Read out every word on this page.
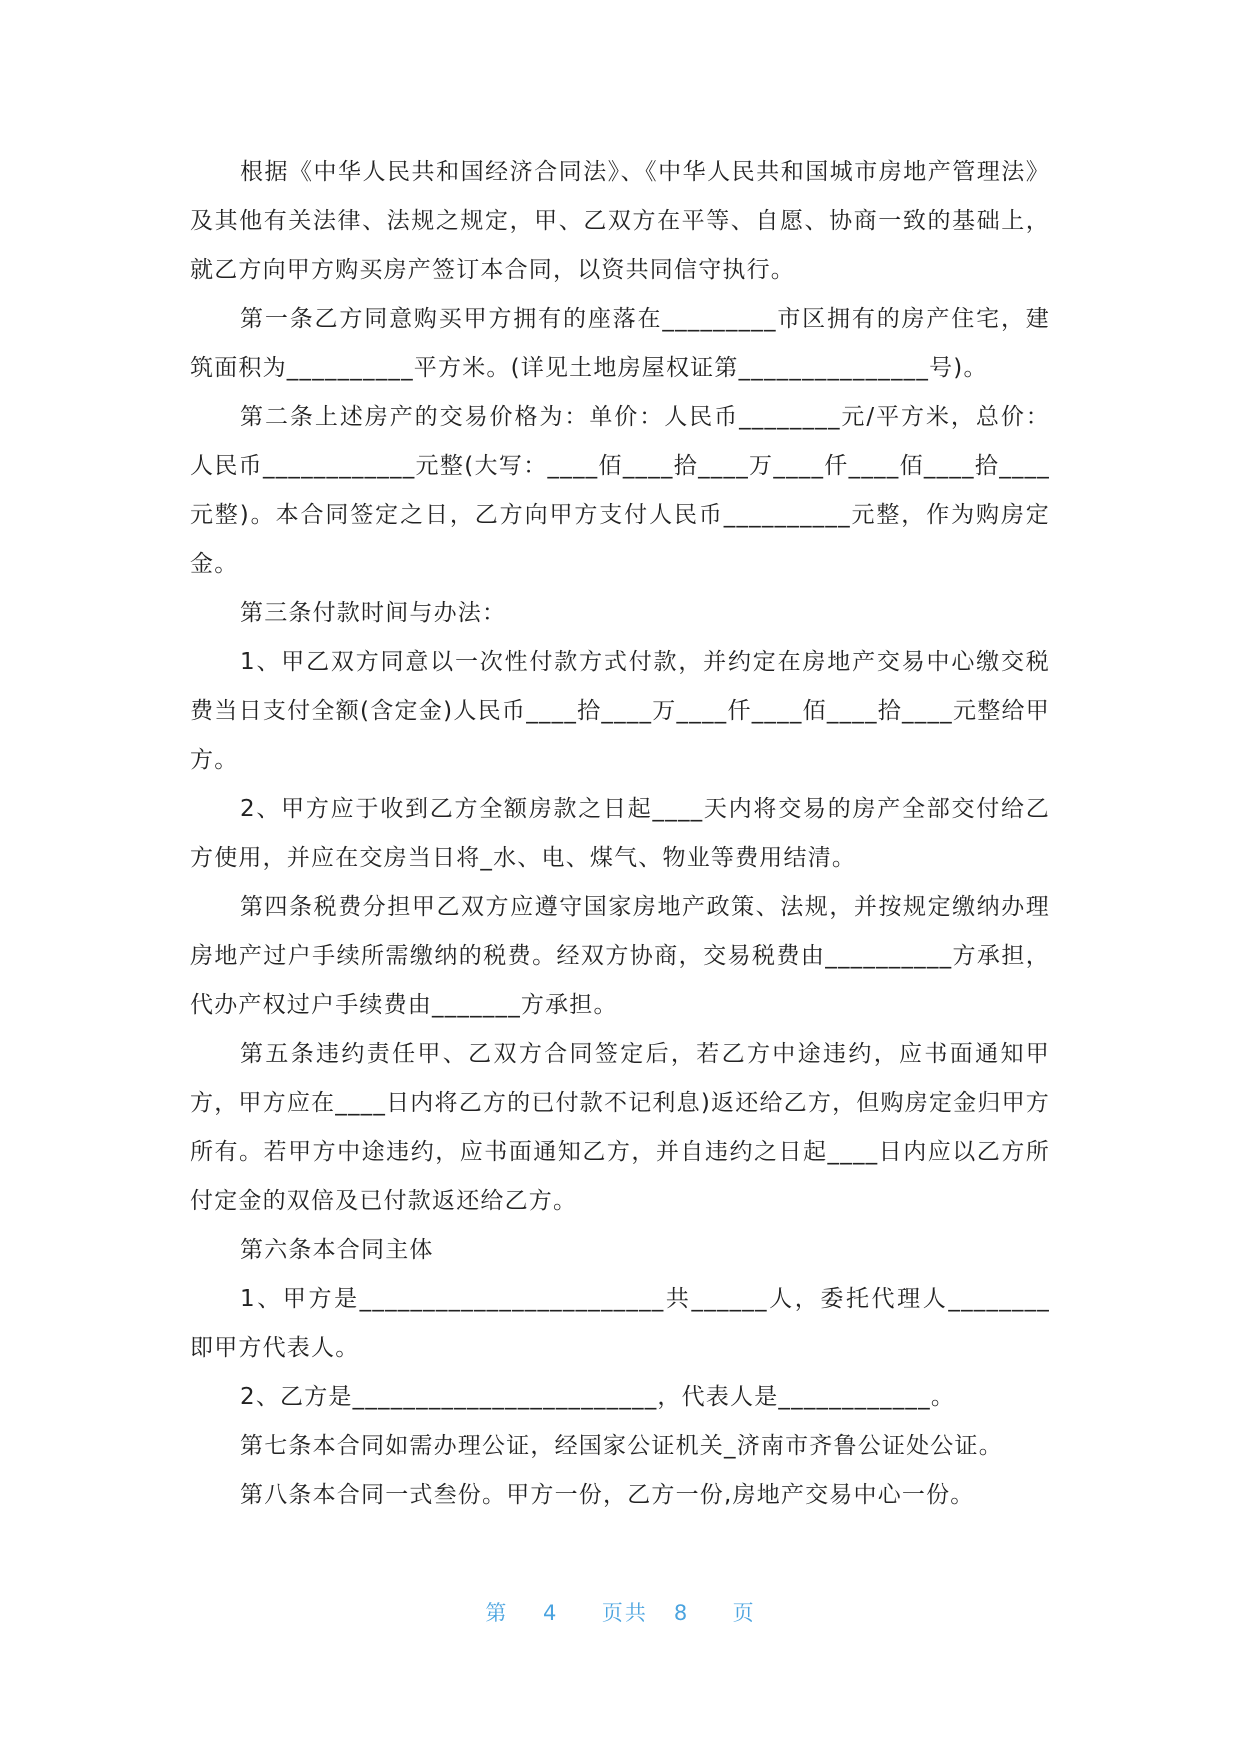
根据《中华人民共和国经济合同法》、《中华人民共和国城市房地产管理法》及其他有关法律、法规之规定，甲、乙双方在平等、自愿、协商一致的基础上，就乙方向甲方购买房产签订本合同，以资共同信守执行。

第一条乙方同意购买甲方拥有的座落在_________市区拥有的房产住宅，建筑面积为__________平方米。(详见土地房屋权证第_______________号)。

第二条上述房产的交易价格为：单价：人民币________元/平方米，总价：人民币____________元整(大写：____佰____拾____万____仟____佰____拾____元整)。本合同签定之日，乙方向甲方支付人民币__________元整，作为购房定金。

第三条付款时间与办法：

1、甲乙双方同意以一次性付款方式付款，并约定在房地产交易中心缴交税费当日支付全额(含定金)人民币____拾____万____仟____佰____拾____元整给甲方。

2、甲方应于收到乙方全额房款之日起____天内将交易的房产全部交付给乙方使用，并应在交房当日将_水、电、煤气、物业等费用结清。

第四条税费分担甲乙双方应遵守国家房地产政策、法规，并按规定缴纳办理房地产过户手续所需缴纳的税费。经双方协商，交易税费由__________方承担，代办产权过户手续费由_______方承担。

第五条违约责任甲、乙双方合同签定后，若乙方中途违约，应书面通知甲方，甲方应在____日内将乙方的已付款不记利息)返还给乙方，但购房定金归甲方所有。若甲方中途违约，应书面通知乙方，并自违约之日起____日内应以乙方所付定金的双倍及已付款返还给乙方。

第六条本合同主体

1、甲方是________________________共______人，委托代理人________即甲方代表人。

2、乙方是________________________，代表人是____________。

第七条本合同如需办理公证，经国家公证机关_济南市齐鲁公证处公证。

第八条本合同一式叁份。甲方一份，乙方一份,房地产交易中心一份。

第 4 页共 8 页
